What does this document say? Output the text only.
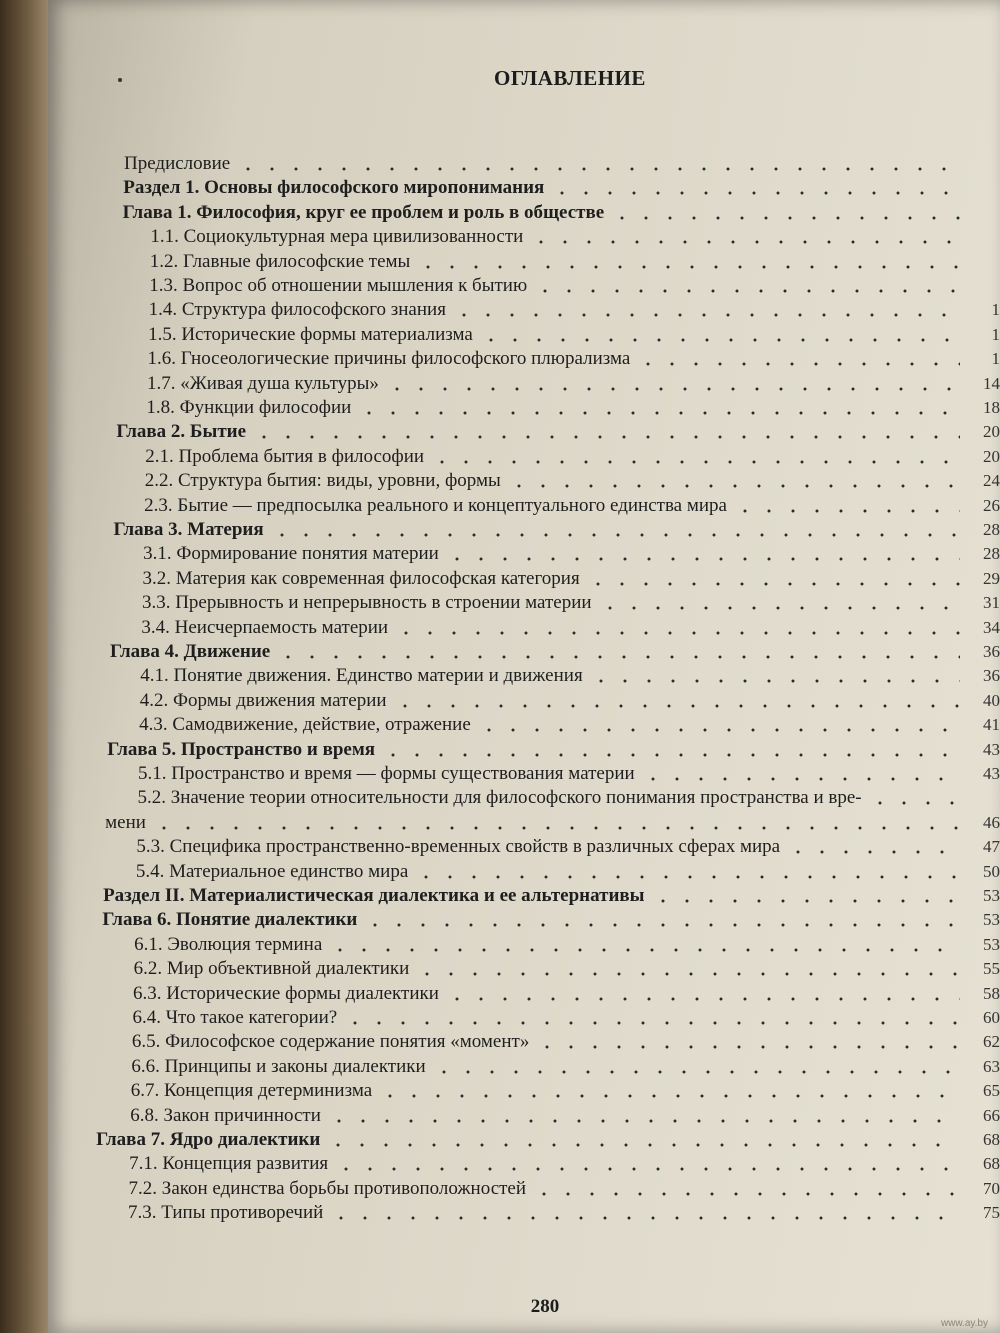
ОГЛАВЛЕНИЕ
Предисловие
Раздел 1. Основы философского миропонимания
Глава 1. Философия, круг ее проблем и роль в обществе
1.1. Социокультурная мера цивилизованности
1.2. Главные философские темы
1.3. Вопрос об отношении мышления к бытию
1.4. Структура философского знания	1
1.5. Исторические формы материализма	1
1.6. Гносеологические причины философского плюрализма	1
1.7. «Живая душа культуры»	14
1.8. Функции философии	18
Глава 2. Бытие	20
2.1. Проблема бытия в философии	20
2.2. Структура бытия: виды, уровни, формы	24
2.3. Бытие — предпосылка реального и концептуального единства мира	26
Глава 3. Материя	28
3.1. Формирование понятия материи	28
3.2. Материя как современная философская категория	29
3.3. Прерывность и непрерывность в строении материи	31
3.4. Неисчерпаемость материи	34
Глава 4. Движение	36
4.1. Понятие движения. Единство материи и движения	36
4.2. Формы движения материи	40
4.3. Самодвижение, действие, отражение	41
Глава 5. Пространство и время	43
5.1. Пространство и время — формы существования материи	43
5.2. Значение теории относительности для философского понимания пространства и вре-
мени	46
5.3. Специфика пространственно-временных свойств в различных сферах мира	47
5.4. Материальное единство мира	50
Раздел II. Материалистическая диалектика и ее альтернативы	53
Глава 6. Понятие диалектики	53
6.1. Эволюция термина	53
6.2. Мир объективной диалектики	55
6.3. Исторические формы диалектики	58
6.4. Что такое категории?	60
6.5. Философское содержание понятия «момент»	62
6.6. Принципы и законы диалектики	63
6.7. Концепция детерминизма	65
6.8. Закон причинности	66
Глава 7. Ядро диалектики	68
7.1. Концепция развития	68
7.2. Закон единства борьбы противоположностей	70
7.3. Типы противоречий	75
280
www.ay.by
